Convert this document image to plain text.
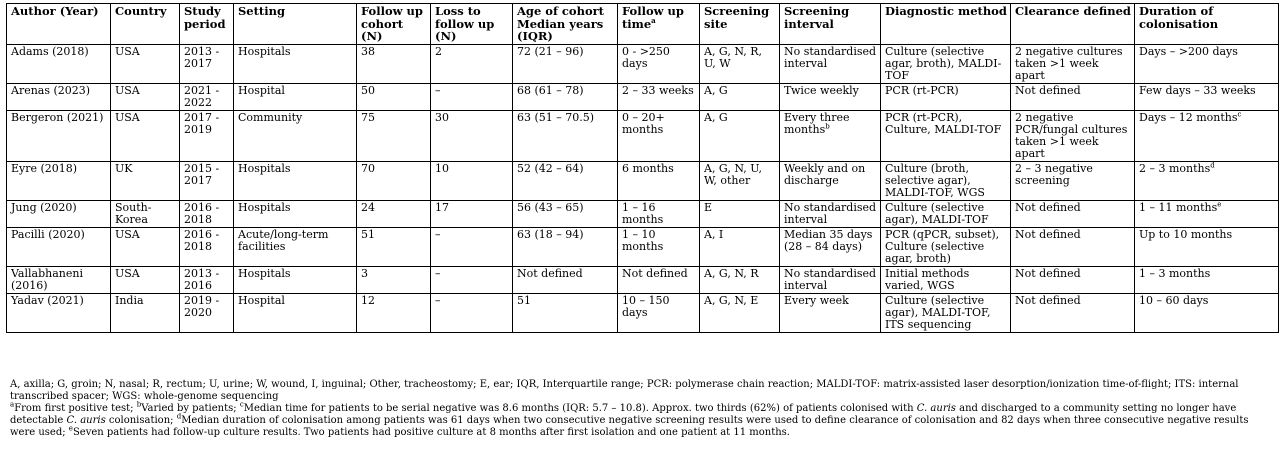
Author (Year)	Country	Study period	Setting	Follow up cohort (N)	Loss to follow up (N)	Age of cohort Median years (IQR)	Follow up time$^a$	Screening site	Screening interval	Diagnostic method	Clearance defined	Duration of colonisation
Adams (2018)	USA	2013 - 2017	Hospitals	38	2	72 (21 – 96)	0 - >250 days	A, G, N, R, U, W	No standardised interval	Culture (selective agar, broth), MALDI-TOF	2 negative cultures taken >1 week apart	Days – >200 days
Arenas (2023)	USA	2021 - 2022	Hospital	50	–	68 (61 – 78)	2 – 33 weeks	A, G	Twice weekly	PCR (rt-PCR)	Not defined	Few days – 33 weeks
Bergeron (2021)	USA	2017 - 2019	Community	75	30	63 (51 – 70.5)	0 – 20+ months	A, G	Every three months$^b$	PCR (rt-PCR), Culture, MALDI-TOF	2 negative PCR/fungal cultures taken >1 week apart	Days – 12 months$^c$
Eyre (2018)	UK	2015 - 2017	Hospitals	70	10	52 (42 – 64)	6 months	A, G, N, U, W, other	Weekly and on discharge	Culture (broth, selective agar), MALDI-TOF, WGS	2 – 3 negative screening	2 – 3 months$^d$
Jung (2020)	South-Korea	2016 - 2018	Hospitals	24	17	56 (43 – 65)	1 – 16 months	E	No standardised interval	Culture (selective agar), MALDI-TOF	Not defined	1 – 11 months$^e$
Pacilli (2020)	USA	2016 - 2018	Acute/long-term facilities	51	–	63 (18 – 94)	1 – 10 months	A, I	Median 35 days (28 – 84 days)	PCR (qPCR, subset), Culture (selective agar, broth)	Not defined	Up to 10 months
Vallabhaneni (2016)	USA	2013 - 2016	Hospitals	3	–	Not defined	Not defined	A, G, N, R	No standardised interval	Initial methods varied, WGS	Not defined	1 – 3 months
Yadav (2021)	India	2019 - 2020	Hospital	12	–	51	10 – 150 days	A, G, N, E	Every week	Culture (selective agar), MALDI-TOF, ITS sequencing	Not defined	10 – 60 days

A, axilla; G, groin; N, nasal; R, rectum; U, urine; W, wound, I, inguinal; Other, tracheostomy; E, ear; IQR, Interquartile range; PCR: polymerase chain reaction; MALDI-TOF: matrix-assisted laser desorption/ionization time-of-flight; ITS: internal transcribed spacer; WGS: whole-genome sequencing

$^a$From first positive test; $^b$Varied by patients; $^c$Median time for patients to be serial negative was 8.6 months (IQR: 5.7 – 10.8). Approx. two thirds (62%) of patients colonised with C. auris and discharged to a community setting no longer have detectable C. auris colonisation; $^d$Median duration of colonisation among patients was 61 days when two consecutive negative screening results were used to define clearance of colonisation and 82 days when three consecutive negative results were used; $^e$Seven patients had follow-up culture results. Two patients had positive culture at 8 months after first isolation and one patient at 11 months.
